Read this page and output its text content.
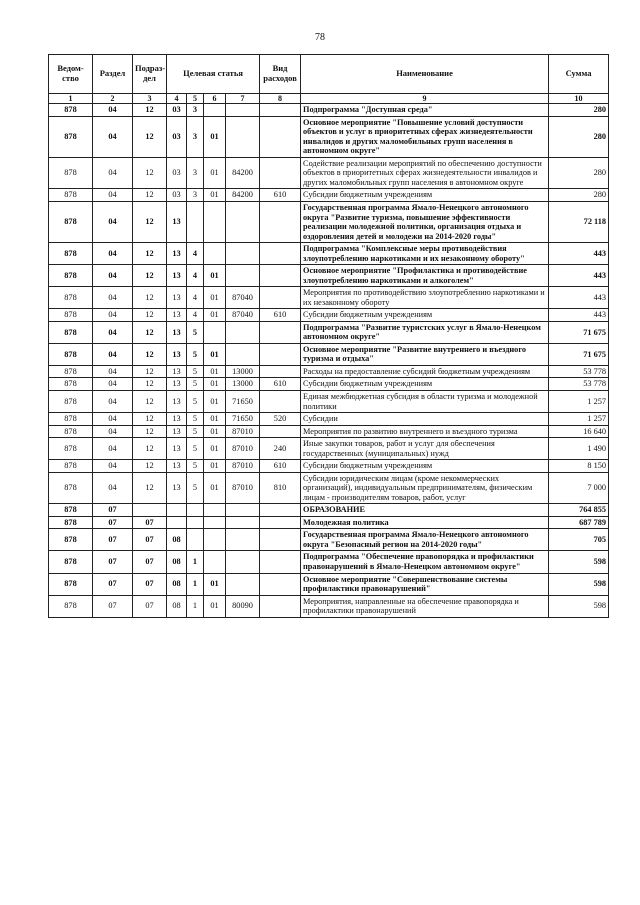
78
Ведом-ство	Раздел	Подраз-дел	Целевая статья				Вид расходов	Наименование	Сумма
1	2	3	4	5	6	7	8	9	10
878	04	12	03	3				Подпрограмма "Доступная среда"	280
878	04	12	03	3	01			Основное мероприятие "Повышение условий доступности объектов и услуг в приоритетных сферах жизнедеятельности инвалидов и других маломобильных групп населения в автономном округе"	280
878	04	12	03	3	01	84200		Содействие реализации мероприятий по обеспечению доступности объектов в приоритетных сферах жизнедеятельности инвалидов и других маломобильных групп населения в автономном округе	280
878	04	12	03	3	01	84200	610	Субсидии бюджетным учреждениям	280
878	04	12	13					Государственная программа Ямало-Ненецкого автономного округа "Развитие туризма, повышение эффективности реализации молодежной политики, организация отдыха и оздоровления детей и молодежи на 2014-2020 годы"	72 118
878	04	12	13	4				Подпрограмма "Комплексные меры противодействия злоупотреблению наркотиками и их незаконному обороту"	443
878	04	12	13	4	01			Основное мероприятие "Профилактика и противодействие злоупотреблению наркотиками и алкоголем"	443
878	04	12	13	4	01	87040		Мероприятия по противодействию злоупотреблению наркотиками и их незаконному обороту	443
878	04	12	13	4	01	87040	610	Субсидии бюджетным учреждениям	443
878	04	12	13	5				Подпрограмма "Развитие туристских услуг в Ямало-Ненецком автономном округе"	71 675
878	04	12	13	5	01			Основное мероприятие "Развитие внутреннего и въездного туризма и отдыха"	71 675
878	04	12	13	5	01	13000		Расходы на предоставление субсидий бюджетным учреждениям	53 778
878	04	12	13	5	01	13000	610	Субсидии бюджетным учреждениям	53 778
878	04	12	13	5	01	71650		Единая межбюджетная субсидия в области туризма и молодежной политики	1 257
878	04	12	13	5	01	71650	520	Субсидии	1 257
878	04	12	13	5	01	87010		Мероприятия по развитию внутреннего и въездного туризма	16 640
878	04	12	13	5	01	87010	240	Иные закупки товаров, работ и услуг для обеспечения государственных (муниципальных) нужд	1 490
878	04	12	13	5	01	87010	610	Субсидии бюджетным учреждениям	8 150
878	04	12	13	5	01	87010	810	Субсидии юридическим лицам (кроме некоммерческих организаций), индивидуальным предпринимателям, физическим лицам - производителям товаров, работ, услуг	7 000
878	07							ОБРАЗОВАНИЕ	764 855
878	07	07						Молодежная политика	687 789
878	07	07	08					Государственная программа Ямало-Ненецкого автономного округа "Безопасный регион на 2014-2020 годы"	705
878	07	07	08	1				Подпрограмма "Обеспечение правопорядка и профилактики правонарушений в Ямало-Ненецком автономном округе"	598
878	07	07	08	1	01			Основное мероприятие "Совершенствование системы профилактики правонарушений"	598
878	07	07	08	1	01	80090		Мероприятия, направленные на обеспечение правопорядка и профилактики правонарушений	598
